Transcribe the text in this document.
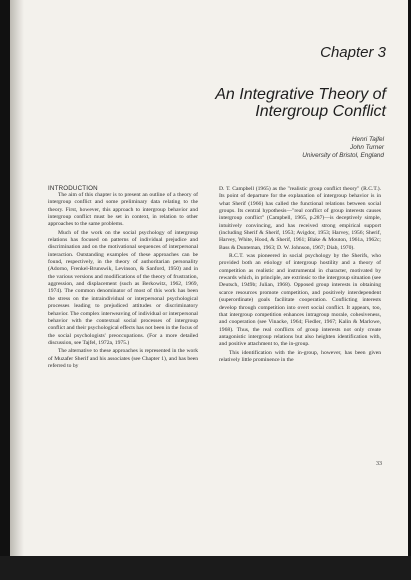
Chapter 3
An Integrative Theory of
Intergroup Conflict
Henri Tajfel
John Turner
University of Bristol, England
INTRODUCTION

The aim of this chapter is to present an outline of a theory of intergroup conflict and some preliminary data relating to the theory. First, however, this approach to intergroup behavior and intergroup conflict must be set in context, in relation to other approaches to the same problems.

Much of the work on the social psychology of intergroup relations has focused on patterns of individual prejudice and discrimination and on the motivational sequences of interpersonal interaction. Outstanding examples of these approaches can be found, respectively, in the theory of authoritarian personality (Adorno, Frenkel-Brunswik, Levinson, & Sanford, 1950) and in the various versions and modifications of the theory of frustration, aggression, and displacement (such as Berkowitz, 1962, 1969, 1974). The common denominator of most of this work has been the stress on the intraindividual or interpersonal psychological processes leading to prejudiced attitudes or discriminatory behavior. The complex interweaving of individual or interpersonal behavior with the contextual social processes of intergroup conflict and their psychological effects has not been in the focus of the social psychologists' preoccupations. (For a more detailed discussion, see Tajfel, 1972a, 1975.)

The alternative to these approaches is represented in the work of Muzafer Sherif and his associates (see Chapter 1), and has been referred to by

D. T. Campbell (1965) as the "realistic group conflict theory" (R.C.T.). Its point of departure for the explanation of intergroup behavior is in what Sherif (1966) has called the functional relations between social groups. Its central hypothesis—"real conflict of group interests causes intergroup conflict" (Campbell, 1965, p.287)—is deceptively simple, intuitively convincing, and has received strong empirical support (including Sherif & Sherif, 1953; Avigdor, 1953; Harvey, 1956; Sherif, Harvey, White, Hood, & Sherif, 1961; Blake & Mouton, 1961a, 1962c; Bass & Dunteman, 1963; D. W. Johnson, 1967; Diab, 1970).

R.C.T. was pioneered in social psychology by the Sherifs, who provided both an etiology of intergroup hostility and a theory of competition as realistic and instrumental in character, motivated by rewards which, in principle, are extrinsic to the intergroup situation (see Deutsch, 1949b; Julian, 1968). Opposed group interests in obtaining scarce resources promote competition, and positively interdependent (superordinate) goals facilitate cooperation. Conflicting interests develop through competition into overt social conflict. It appears, too, that intergroup competition enhances intragroup morale, cohesiveness, and cooperation (see Vinacke, 1964; Fiedler, 1967; Kalin & Marlowe, 1968). Thus, the real conflicts of group interests not only create antagonistic intergroup relations but also heighten identification with, and positive attachment to, the in-group.

This identification with the in-group, however, has been given relatively little prominence in the

33
